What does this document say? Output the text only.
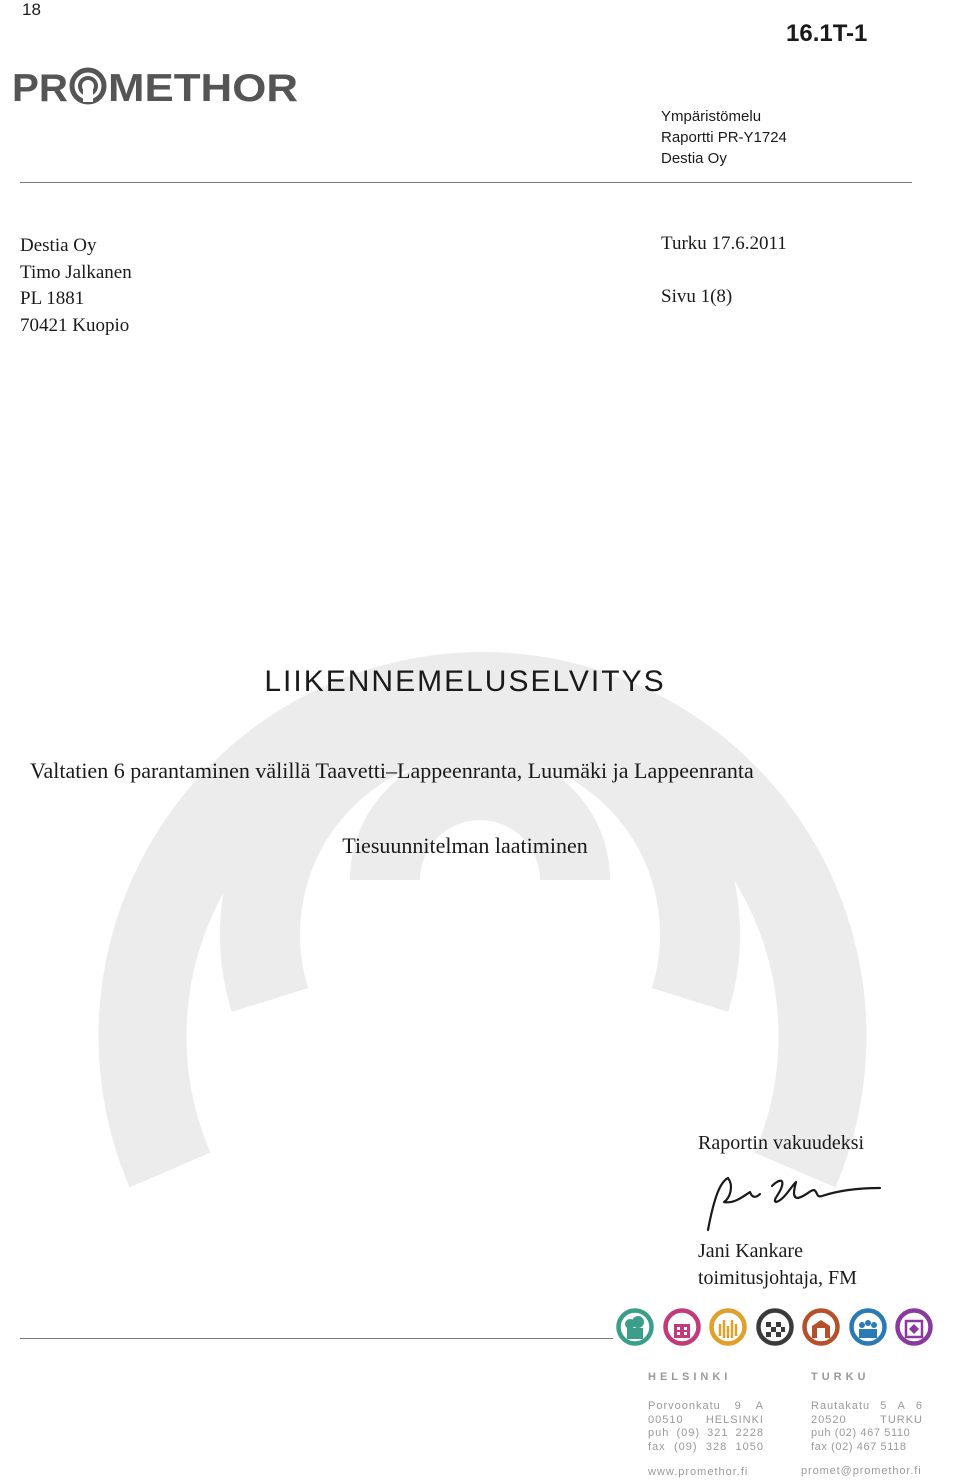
18
16.1T-1
PR METHOR
Ympäristömelu
Raportti PR-Y1724
Destia Oy
Destia Oy
Timo Jalkanen
PL 1881
70421 Kuopio
Turku 17.6.2011
Sivu 1(8)
LIIKENNEMELUSELVITYS
Valtatien 6 parantaminen välillä Taavetti–Lappeenranta, Luumäki ja Lappeenranta
Tiesuunnitelman laatiminen
Raportin vakuudeksi
Jani Kankare
toimitusjohtaja, FM
HELSINKI
Porvoonkatu 9 A
00510 HELSINKI
puh (09) 321 2228
fax (09) 328 1050
www.promethor.fi
TURKU
Rautakatu 5 A 6
20520	TURKU
puh (02) 467 5110
fax (02) 467 5118
promet@promethor.fi
